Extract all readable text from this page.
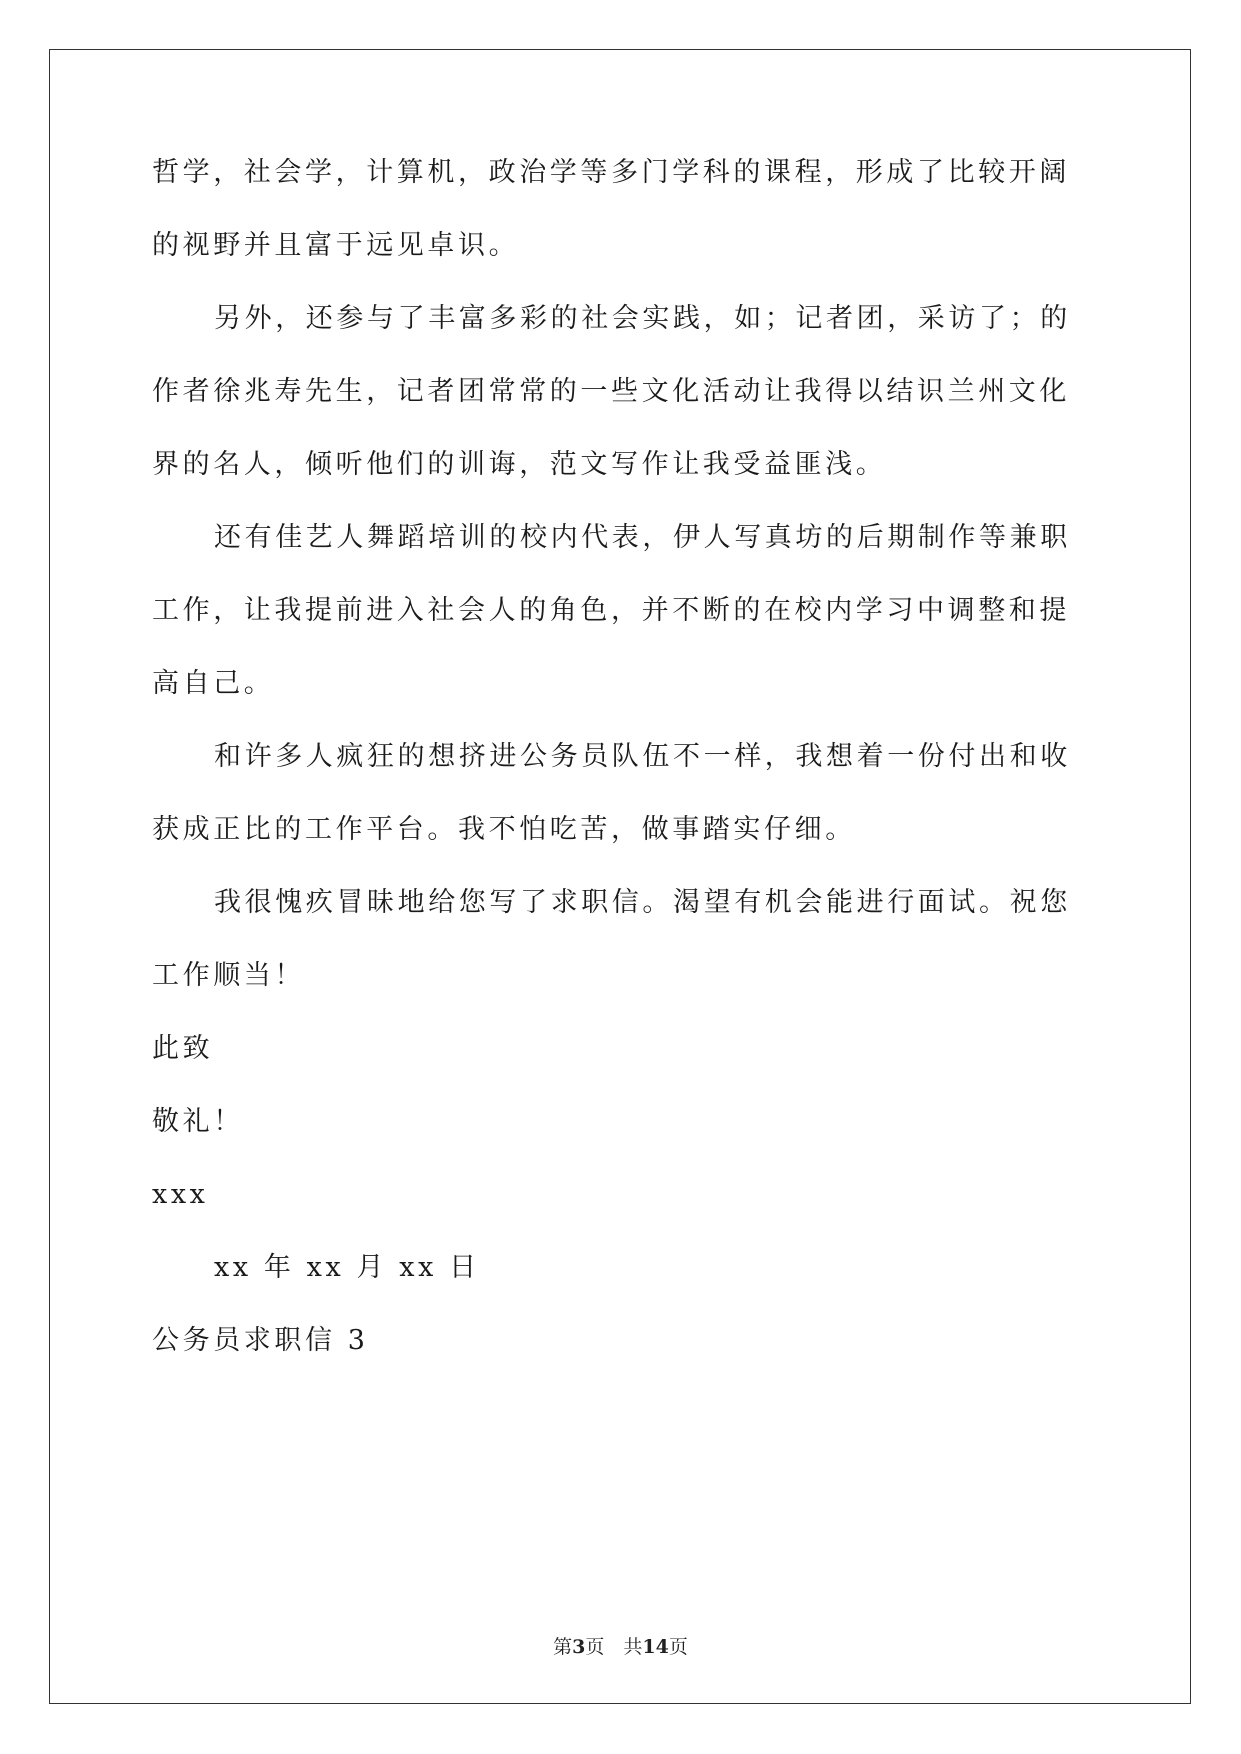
哲学，社会学，计算机，政治学等多门学科的课程，形成了比较开阔
的视野并且富于远见卓识。
另外，还参与了丰富多彩的社会实践，如；记者团，采访了；的
作者徐兆寿先生，记者团常常的一些文化活动让我得以结识兰州文化
界的名人，倾听他们的训诲，范文写作让我受益匪浅。
还有佳艺人舞蹈培训的校内代表，伊人写真坊的后期制作等兼职
工作，让我提前进入社会人的角色，并不断的在校内学习中调整和提
高自己。
和许多人疯狂的想挤进公务员队伍不一样，我想着一份付出和收
获成正比的工作平台。我不怕吃苦，做事踏实仔细。
我很愧疚冒昧地给您写了求职信。渴望有机会能进行面试。祝您
工作顺当！
此致
敬礼！
xxx
xx 年 xx 月 xx 日
公务员求职信 3
第3页　共14页
